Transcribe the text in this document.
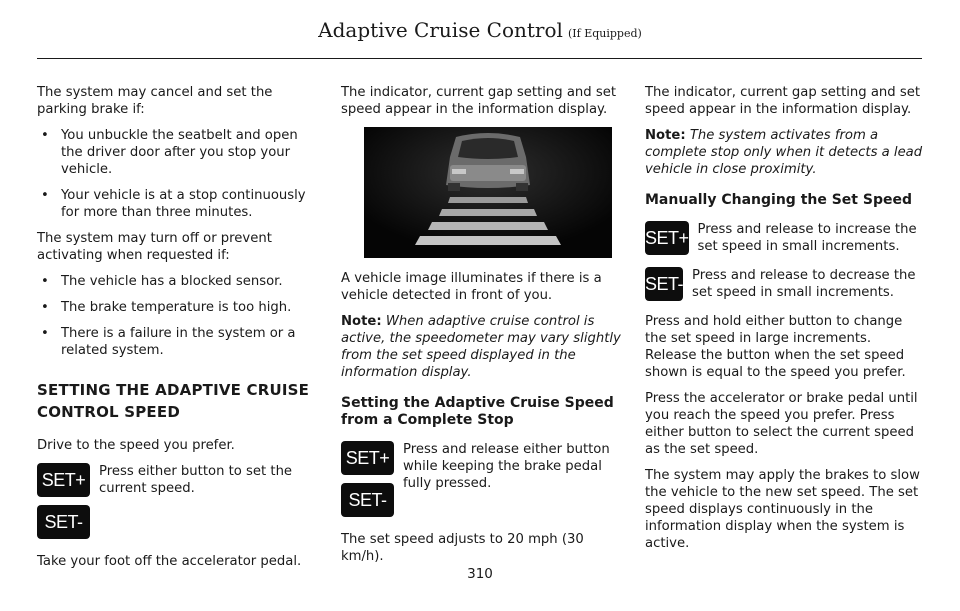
Adaptive Cruise Control (If Equipped)

The system may cancel and set the parking brake if:

• You unbuckle the seatbelt and open the driver door after you stop your vehicle.
• Your vehicle is at a stop continuously for more than three minutes.

The system may turn off or prevent activating when requested if:

• The vehicle has a blocked sensor.
• The brake temperature is too high.
• There is a failure in the system or a related system.
SETTING THE ADAPTIVE CRUISE
CONTROL SPEED

Drive to the speed you prefer.

SET+
SET-
Press either button to set the current speed.

Take your foot off the accelerator pedal.

The indicator, current gap setting and set speed appear in the information display.

A vehicle image illuminates if there is a vehicle detected in front of you.

Note: When adaptive cruise control is active, the speedometer may vary slightly from the set speed displayed in the information display.

Setting the Adaptive Cruise Speed from a Complete Stop
SET+
SET-
Press and release either button while keeping the brake pedal fully pressed.

The set speed adjusts to 20 mph (30 km/h).

The indicator, current gap setting and set speed appear in the information display.

Note: The system activates from a complete stop only when it detects a lead vehicle in close proximity.

Manually Changing the Set Speed
SET+ Press and release to increase the set speed in small increments.
SET- Press and release to decrease the set speed in small increments.

Press and hold either button to change the set speed in large increments. Release the button when the set speed shown is equal to the speed you prefer.

Press the accelerator or brake pedal until you reach the speed you prefer. Press either button to select the current speed as the set speed.

The system may apply the brakes to slow the vehicle to the new set speed. The set speed displays continuously in the information display when the system is active.

310
